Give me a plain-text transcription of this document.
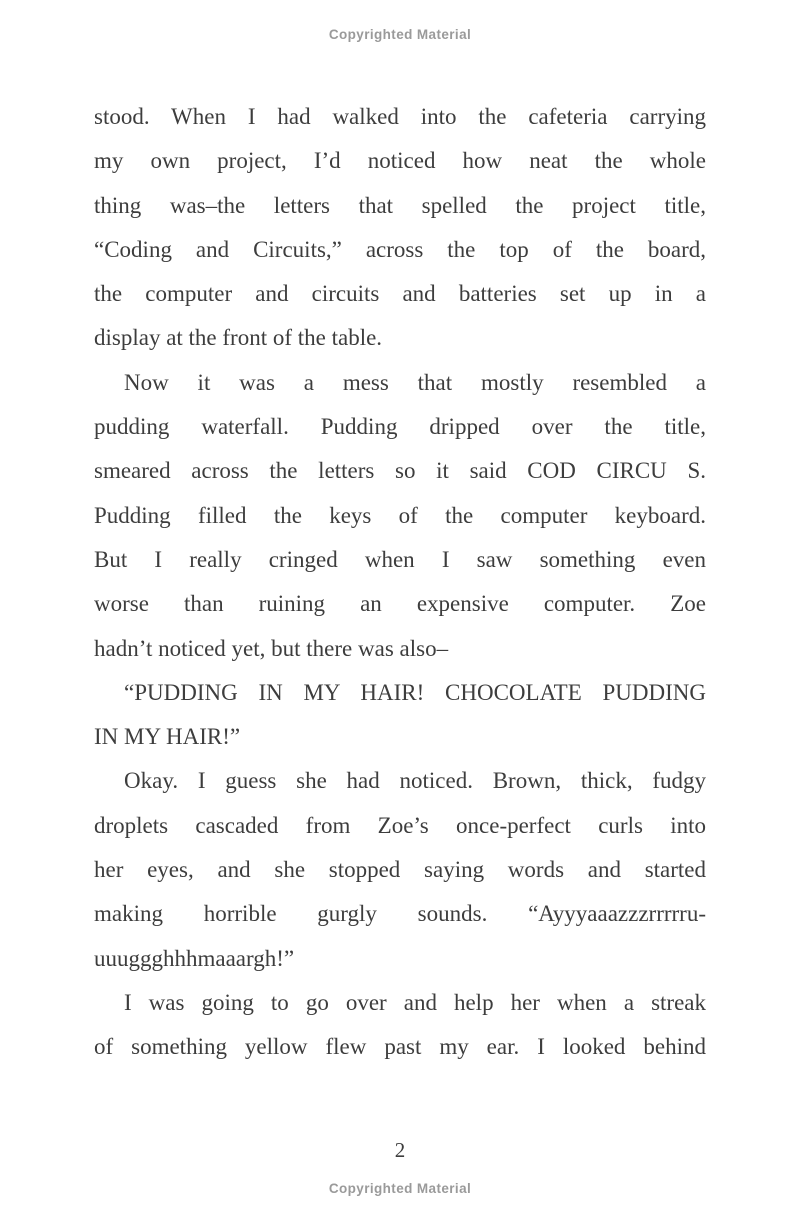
Copyrighted Material
stood. When I had walked into the cafeteria carrying
my own project, I’d noticed how neat the whole
thing was–the letters that spelled the project title,
“Coding and Circuits,” across the top of the board,
the computer and circuits and batteries set up in a
display at the front of the table.
Now it was a mess that mostly resembled a
pudding waterfall. Pudding dripped over the title,
smeared across the letters so it said COD CIRCU S.
Pudding filled the keys of the computer keyboard.
But I really cringed when I saw something even
worse than ruining an expensive computer. Zoe
hadn’t noticed yet, but there was also–
“PUDDING IN MY HAIR! CHOCOLATE PUDDING
IN MY HAIR!”
Okay. I guess she had noticed. Brown, thick, fudgy
droplets cascaded from Zoe’s once-perfect curls into
her eyes, and she stopped saying words and started
making horrible gurgly sounds. “Ayyyaaazzzrrrrru-
uuuggghhhmaaargh!”
I was going to go over and help her when a streak
of something yellow flew past my ear. I looked behind
2
Copyrighted Material
